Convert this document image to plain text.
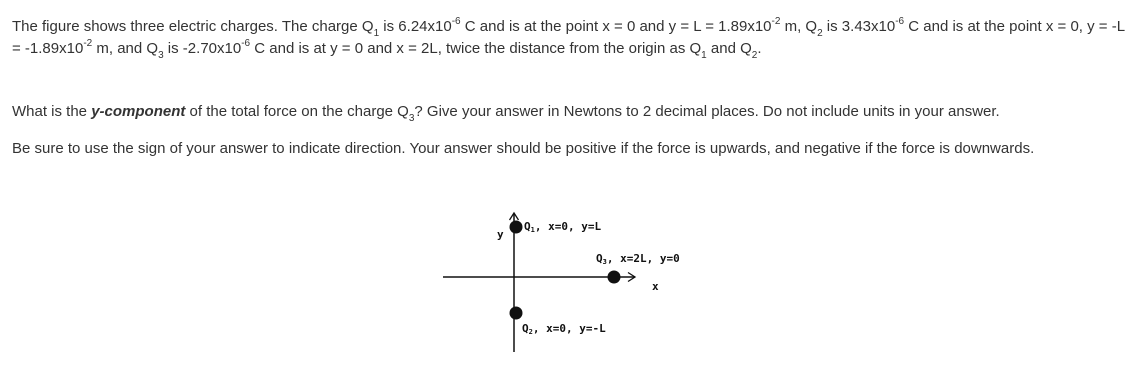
The figure shows three electric charges. The charge $Q_1$ is $6.24x10^{-6}$ C and is at the point x = 0 and $y = L = 1.89x10^{-2}$ m, $Q_2$ is $3.43x10^{-6}$ C and is at the point x = 0, $y = -L = -1.89x10^{-2}$ m, and $Q_3$ is $-2.70x10^{-6}$ C and is at y = 0 and x = 2L, twice the distance from the origin as $Q_1$ and $Q_2$.

What is the y-component of the total force on the charge $Q_3$? Give your answer in Newtons to 2 decimal places. Do not include units in your answer.

Be sure to use the sign of your answer to indicate direction. Your answer should be positive if the force is upwards, and negative if the force is downwards.

y
x
Q1, x=0, y=L
Q3, x=2L, y=0
Q2, x=0, y=-L
